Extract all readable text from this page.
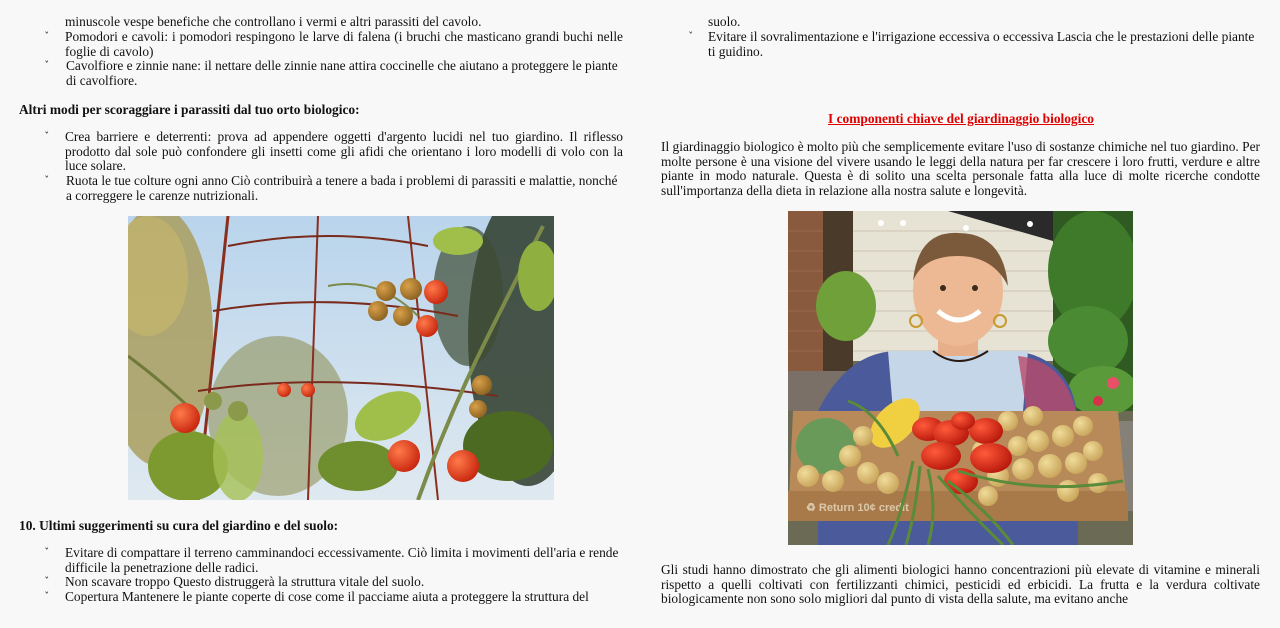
minuscole vespe benefiche che controllano i vermi e altri parassiti del cavolo.
ˇ Pomodori e cavoli: i pomodori respingono le larve di falena (i bruchi che masticano grandi buchi nelle foglie di cavolo)
ˇ Cavolfiore e zinnie nane: il nettare delle zinnie nane attira coccinelle che aiutano a proteggere le piante di cavolfiore.
Altri modi per scoraggiare i parassiti dal tuo orto biologico:
ˇ Crea barriere e deterrenti: prova ad appendere oggetti d'argento lucidi nel tuo giardino. Il riflesso prodotto dal sole può confondere gli insetti come gli afidi che orientano i loro modelli di volo con la luce solare.
ˇ Ruota le tue colture ogni anno Ciò contribuirà a tenere a bada i problemi di parassiti e malattie, nonché a correggere le carenze nutrizionali.
10. Ultimi suggerimenti su cura del giardino e del suolo:
ˇ Evitare di compattare il terreno camminandoci eccessivamente. Ciò limita i movimenti dell'aria e rende difficile la penetrazione delle radici.
ˇ Non scavare troppo Questo distruggerà la struttura vitale del suolo.
ˇ Copertura Mantenere le piante coperte di cose come il pacciame aiuta a proteggere la struttura del
suolo.
ˇ Evitare il sovralimentazione e l'irrigazione eccessiva o eccessiva Lascia che le prestazioni delle piante ti guidino.
I componenti chiave del giardinaggio biologico
Il giardinaggio biologico è molto più che semplicemente evitare l'uso di sostanze chimiche nel tuo giardino. Per molte persone è una visione del vivere usando le leggi della natura per far crescere i loro frutti, verdure e altre piante in modo naturale. Questa è di solito una scelta personale fatta alla luce di molte ricerche condotte sull'importanza della dieta in relazione alla nostra salute e longevità.
♻ Return 10¢ credit
Gli studi hanno dimostrato che gli alimenti biologici hanno concentrazioni più elevate di vitamine e minerali rispetto a quelli coltivati con fertilizzanti chimici, pesticidi ed erbicidi. La frutta e la verdura coltivate biologicamente non sono solo migliori dal punto di vista della salute, ma evitano anche
